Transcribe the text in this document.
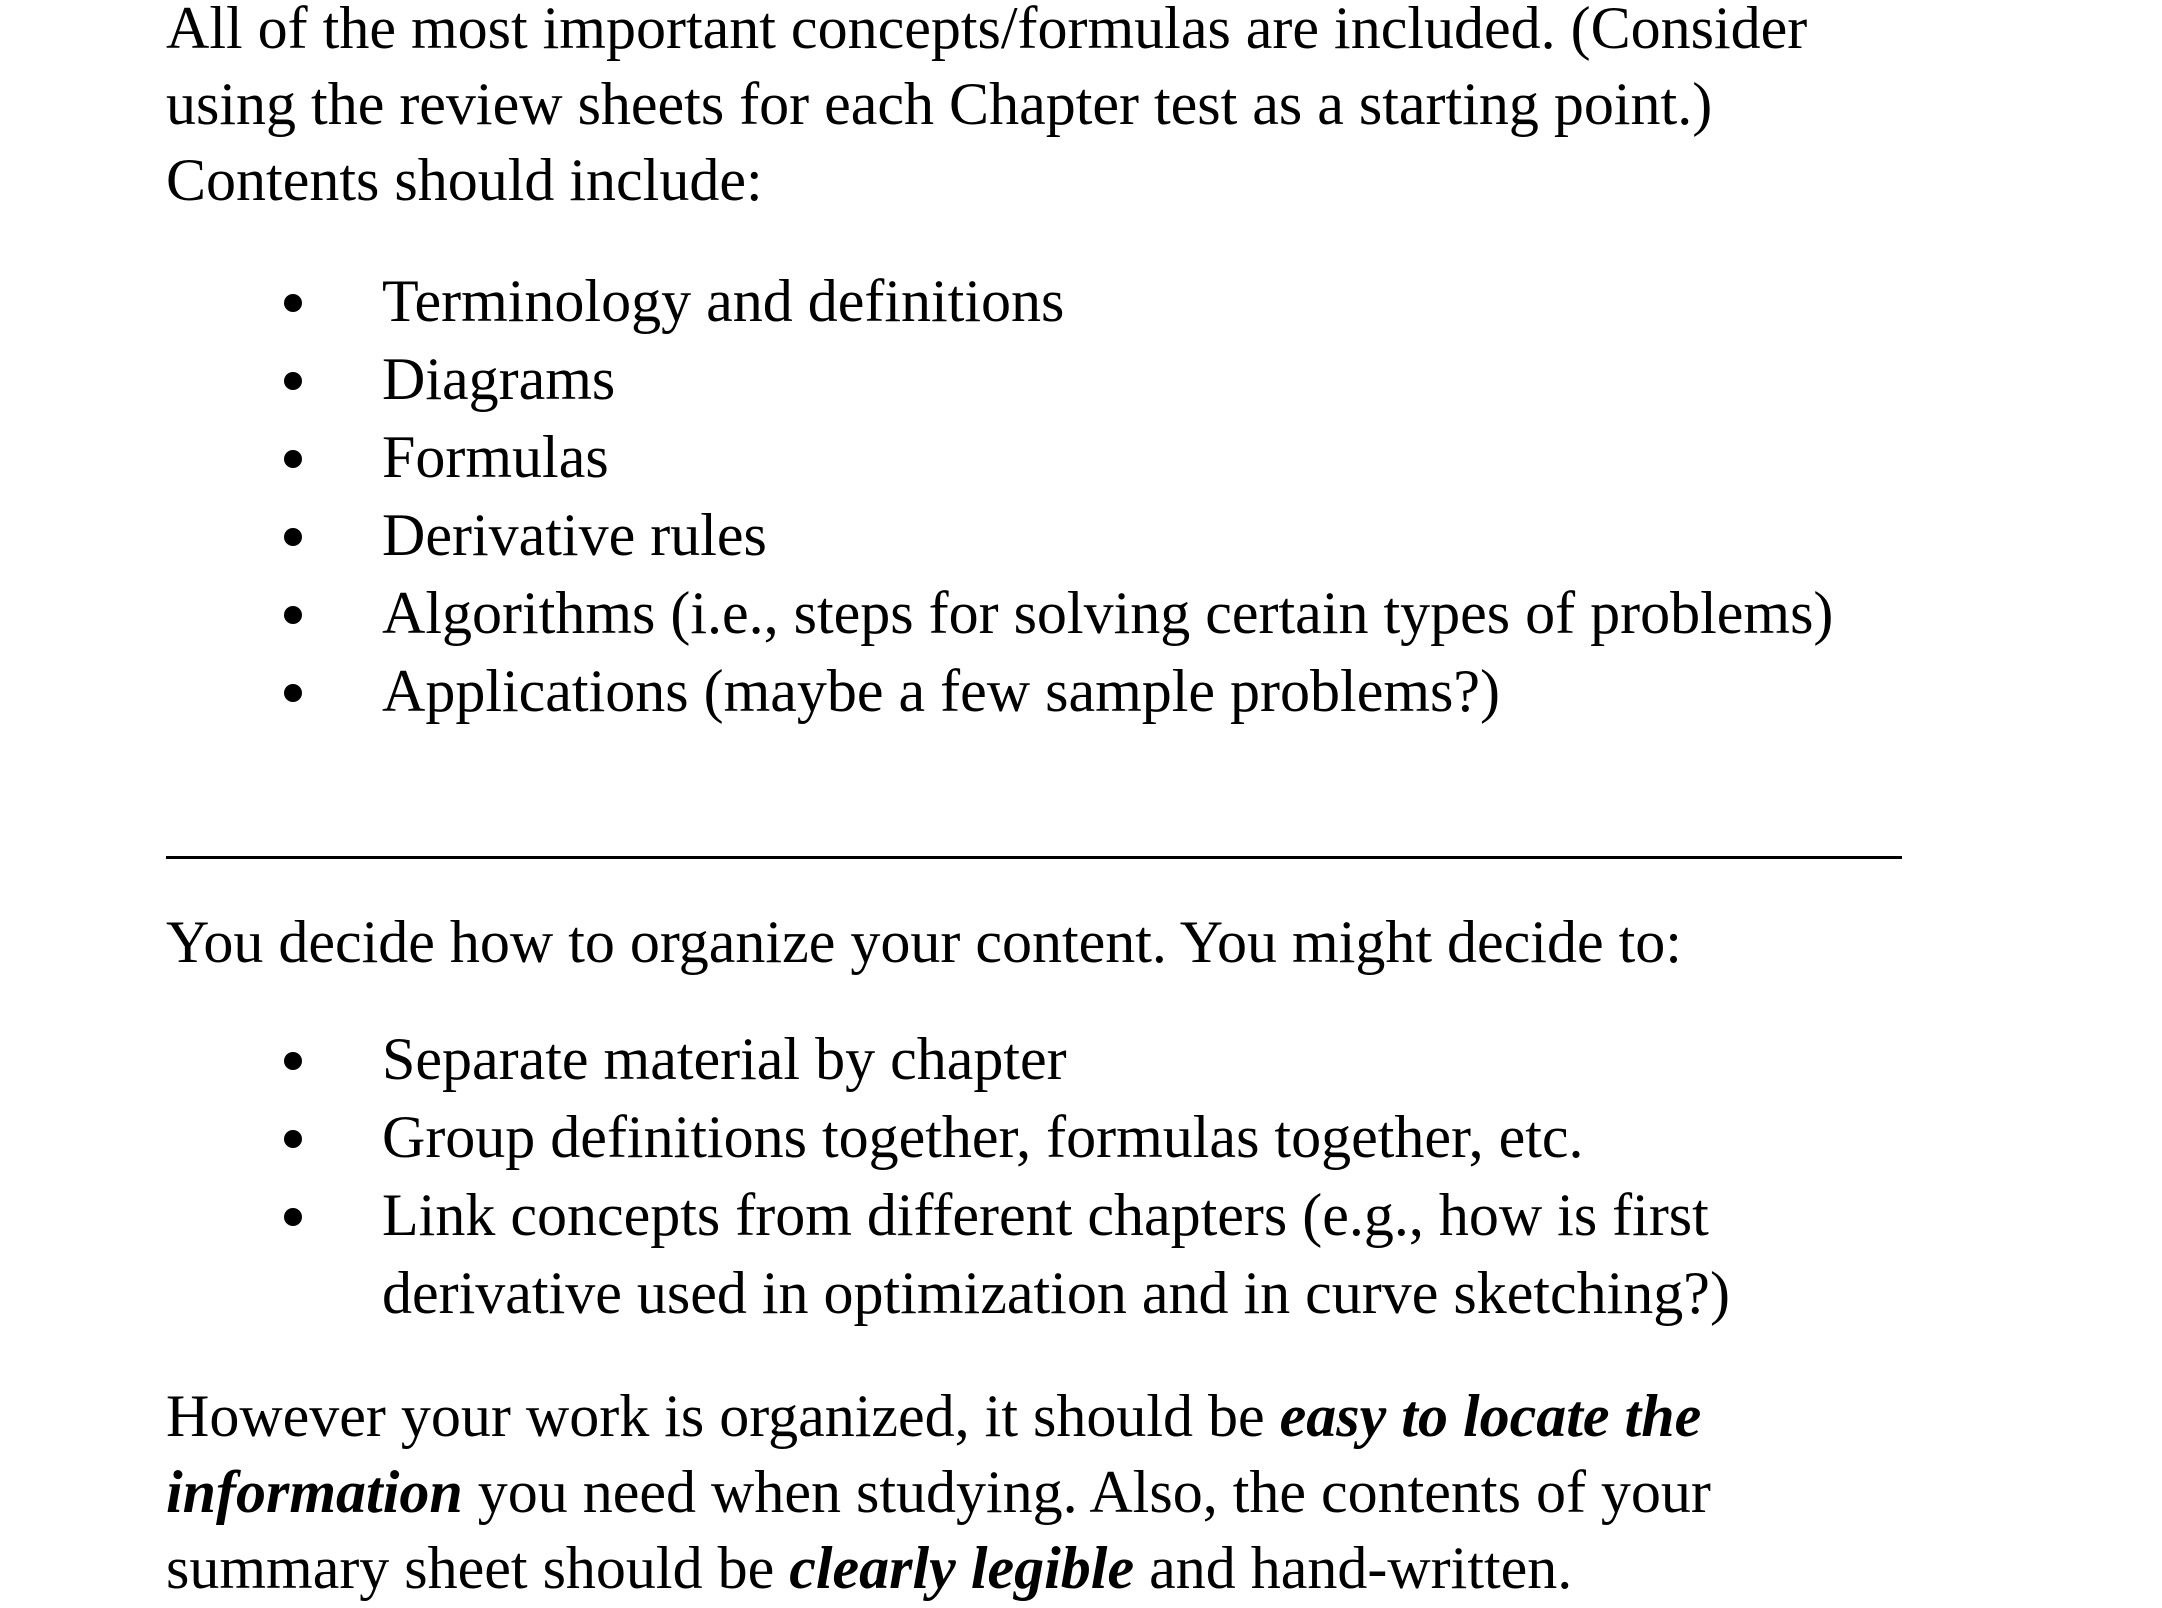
All of the most important concepts/formulas are included. (Consider using the review sheets for each Chapter test as a starting point.) Contents should include:

Terminology and definitions
Diagrams
Formulas
Derivative rules
Algorithms (i.e., steps for solving certain types of problems)
Applications (maybe a few sample problems?)

You decide how to organize your content. You might decide to:

Separate material by chapter
Group definitions together, formulas together, etc.
Link concepts from different chapters (e.g., how is first derivative used in optimization and in curve sketching?)

However your work is organized, it should be easy to locate the information you need when studying. Also, the contents of your summary sheet should be clearly legible and hand-written.
